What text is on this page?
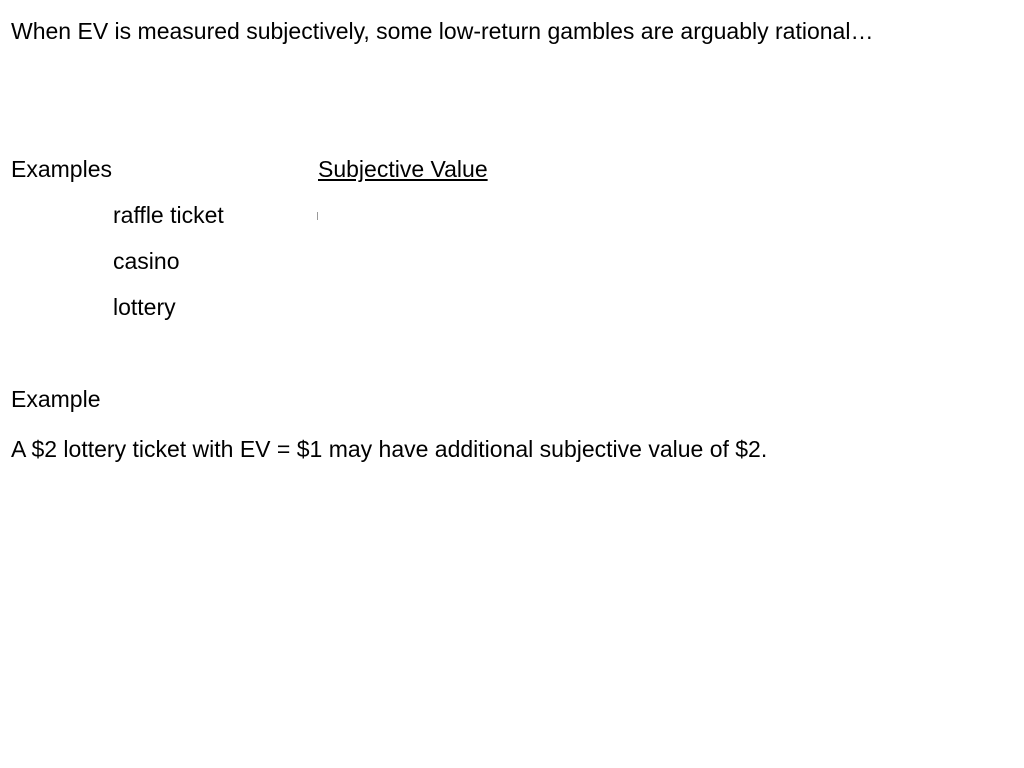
When EV is measured subjectively, some low-return gambles are arguably rational…
Examples	Subjective Value
raffle ticket
casino
lottery
Example
A $2 lottery ticket with EV = $1 may have additional subjective value of $2.
